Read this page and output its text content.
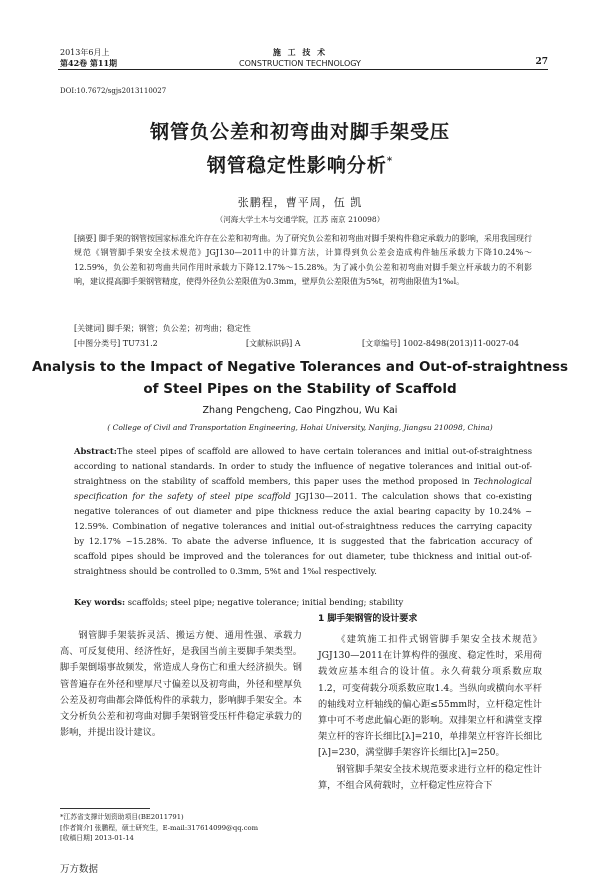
2013年6月上
第42卷 第11期
施 工 技 术
CONSTRUCTION TECHNOLOGY	27
DOI:10.7672/sgjs2013110027
钢管负公差和初弯曲对脚手架受压
钢管稳定性影响分析*
张鹏程，曹平周，伍 凯
（河海大学土木与交通学院，江苏 南京 210098）
[摘要] 脚手架的钢管按国家标准允许存在公差和初弯曲。为了研究负公差和初弯曲对脚手架构件稳定承载力的影响，采用我国现行规范《钢管脚手架安全技术规范》JGJ130—2011中的计算方法，计算得到负公差会造成构件轴压承载力下降10.24%～12.59%，负公差和初弯曲共同作用时承载力下降12.17%～15.28%。为了减小负公差和初弯曲对脚手架立杆承载力的不利影响，建议提高脚手架钢管精度，使得外径负公差限值为0.3mm，壁厚负公差限值为5%t，初弯曲限值为1‰l。
[关键词] 脚手架；钢管；负公差；初弯曲；稳定性
[中图分类号] TU731.2	[文献标识码] A	[文章编号] 1002-8498(2013)11-0027-04
Analysis to the Impact of Negative Tolerances and Out-of-straightness
of Steel Pipes on the Stability of Scaffold
Zhang Pengcheng, Cao Pingzhou, Wu Kai
( College of Civil and Transportation Engineering, Hohai University, Nanjing, Jiangsu 210098, China)
Abstract:The steel pipes of scaffold are allowed to have certain tolerances and initial out-of-straightness according to national standards. In order to study the influence of negative tolerances and initial out-of-straightness on the stability of scaffold members, this paper uses the method proposed in Technological specification for the safety of steel pipe scaffold JGJ130—2011. The calculation shows that co-existing negative tolerances of out diameter and pipe thickness reduce the axial bearing capacity by 10.24% ~ 12.59%. Combination of negative tolerances and initial out-of-straightness reduces the carrying capacity by 12.17% ~15.28%. To abate the adverse influence, it is suggested that the fabrication accuracy of scaffold pipes should be improved and the tolerances for out diameter, tube thickness and initial out-of-straightness should be controlled to 0.3mm, 5%t and 1‰l respectively.
Key words: scaffolds; steel pipe; negative tolerance; initial bending; stability
钢管脚手架装拆灵活、搬运方便、通用性强、承载力高、可反复使用、经济性好，是我国当前主要脚手架类型。脚手架倒塌事故频发，常造成人身伤亡和重大经济损失。钢管普遍存在外径和壁厚尺寸偏差以及初弯曲，外径和壁厚负公差及初弯曲都会降低构件的承载力，影响脚手架安全。本文分析负公差和初弯曲对脚手架钢管受压杆件稳定承载力的影响，并提出设计建议。
1 脚手架钢管的设计要求
《建筑施工扣件式钢管脚手架安全技术规范》JGJ130—2011在计算构件的强度、稳定性时，采用荷载效应基本组合的设计值。永久荷载分项系数应取1.2，可变荷载分项系数应取1.4。当纵向或横向水平杆的轴线对立杆轴线的偏心距≤55mm时，立杆稳定性计算中可不考虑此偏心距的影响。双排架立杆和满堂支撑架立杆的容许长细比[λ]=210，单排架立杆容许长细比[λ]=230，满堂脚手架容许长细比[λ]=250。
钢管脚手架安全技术规范要求进行立杆的稳定性计算，不组合风荷载时，立杆稳定性应符合下
*江苏省支撑计划资助项目(BE2011791)
[作者简介] 张鹏程，硕士研究生，E-mail:317614099@qq.com
[收稿日期] 2013-01-14
万方数据
